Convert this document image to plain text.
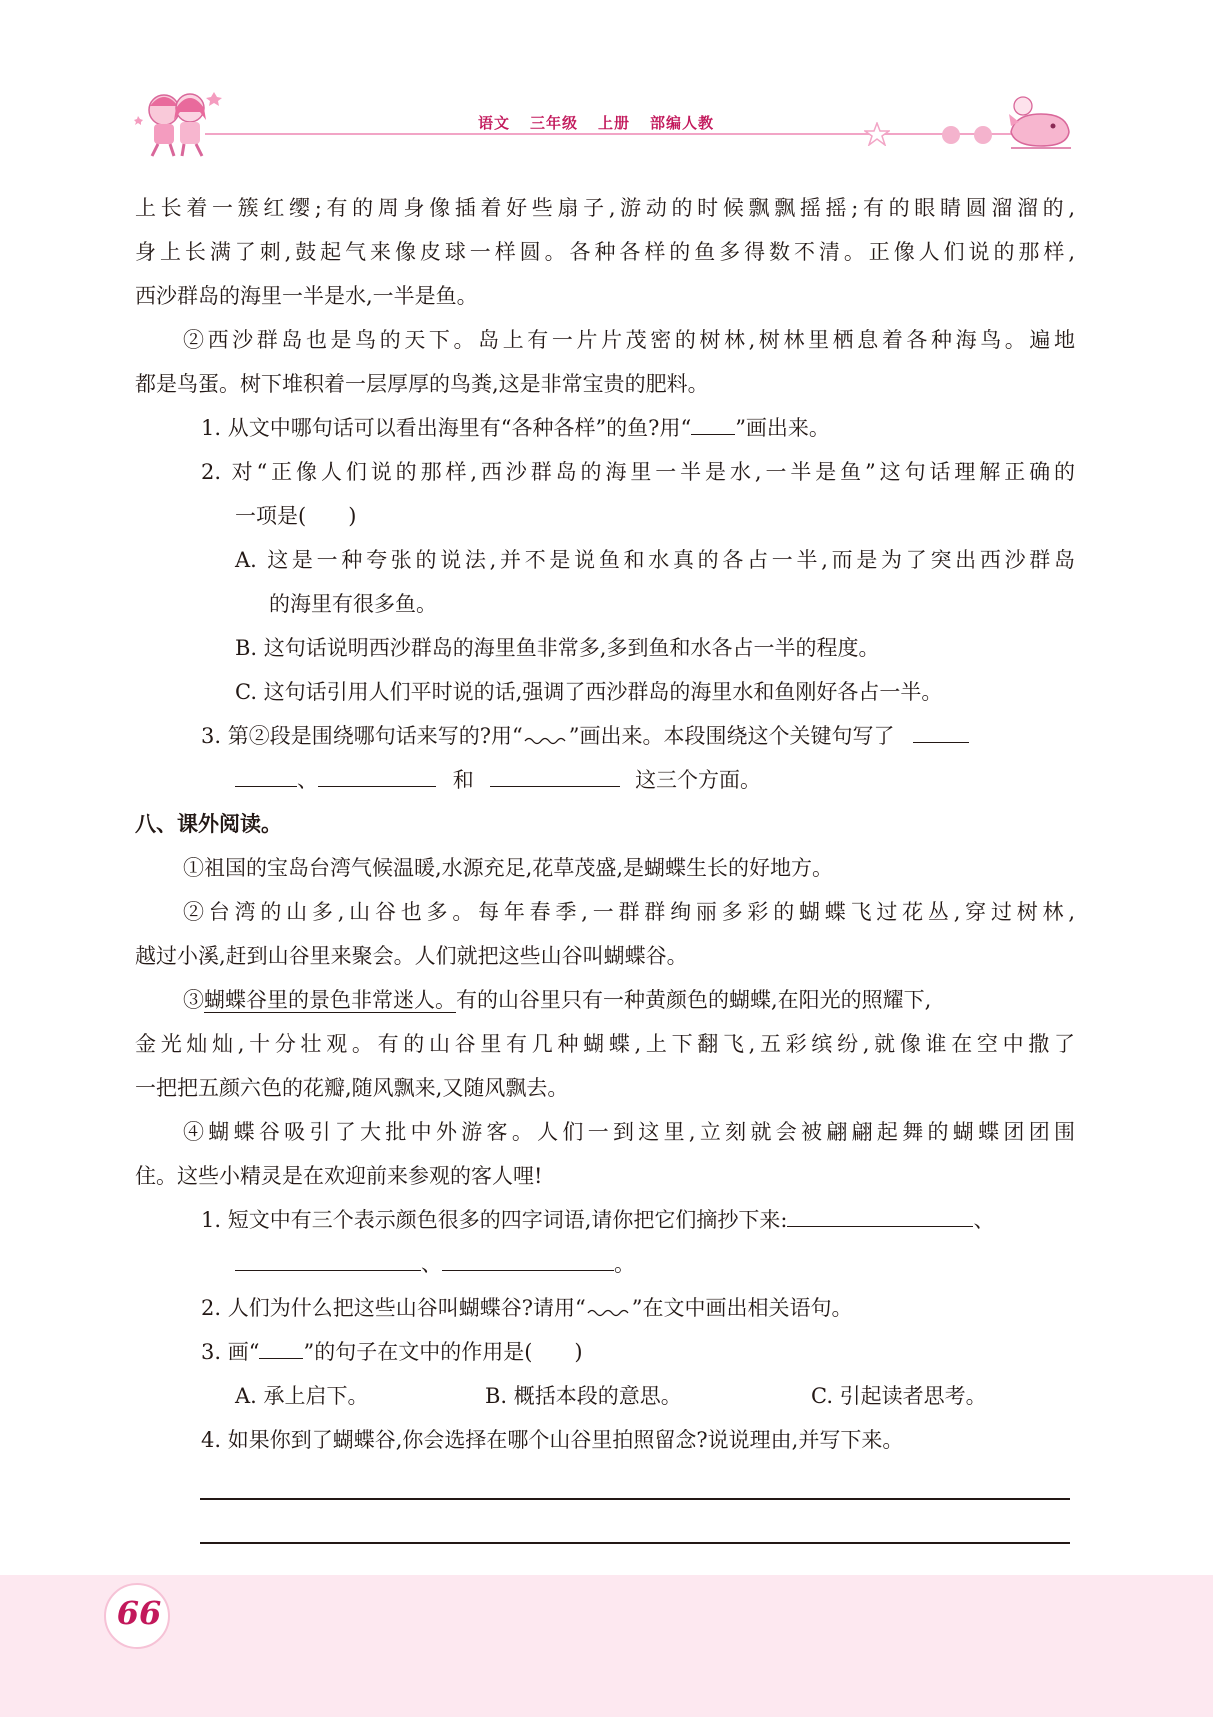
语文 三年级 上册 部编人教
上长着一簇红缨;有的周身像插着好些扇子,游动的时候飘飘摇摇;有的眼睛圆溜溜的,
身上长满了刺,鼓起气来像皮球一样圆。各种各样的鱼多得数不清。正像人们说的那样,
西沙群岛的海里一半是水,一半是鱼。
②西沙群岛也是鸟的天下。岛上有一片片茂密的树林,树林里栖息着各种海鸟。遍地
都是鸟蛋。树下堆积着一层厚厚的鸟粪,这是非常宝贵的肥料。
1. 从文中哪句话可以看出海里有“各种各样”的鱼?用“ ”画出来。
2. 对“正像人们说的那样,西沙群岛的海里一半是水,一半是鱼”这句话理解正确的
一项是(　　)
A. 这是一种夸张的说法,并不是说鱼和水真的各占一半,而是为了突出西沙群岛
的海里有很多鱼。
B. 这句话说明西沙群岛的海里鱼非常多,多到鱼和水各占一半的程度。
C. 这句话引用人们平时说的话,强调了西沙群岛的海里水和鱼刚好各占一半。
3. 第②段是围绕哪句话来写的?用“ ”画出来。本段围绕这个关键句写了
、	和	这三个方面。
八、课外阅读。
①祖国的宝岛台湾气候温暖,水源充足,花草茂盛,是蝴蝶生长的好地方。
②台湾的山多,山谷也多。每年春季,一群群绚丽多彩的蝴蝶飞过花丛,穿过树林,
越过小溪,赶到山谷里来聚会。人们就把这些山谷叫蝴蝶谷。
③蝴蝶谷里的景色非常迷人。有的山谷里只有一种黄颜色的蝴蝶,在阳光的照耀下,
金光灿灿,十分壮观。有的山谷里有几种蝴蝶,上下翻飞,五彩缤纷,就像谁在空中撒了
一把把五颜六色的花瓣,随风飘来,又随风飘去。
④蝴蝶谷吸引了大批中外游客。人们一到这里,立刻就会被翩翩起舞的蝴蝶团团围
住。这些小精灵是在欢迎前来参观的客人哩!
1. 短文中有三个表示颜色很多的四字词语,请你把它们摘抄下来:	、
、	。
2. 人们为什么把这些山谷叫蝴蝶谷?请用“ ”在文中画出相关语句。
3. 画“ ”的句子在文中的作用是(　　)
A. 承上启下。	B. 概括本段的意思。	C. 引起读者思考。
4. 如果你到了蝴蝶谷,你会选择在哪个山谷里拍照留念?说说理由,并写下来。
66
